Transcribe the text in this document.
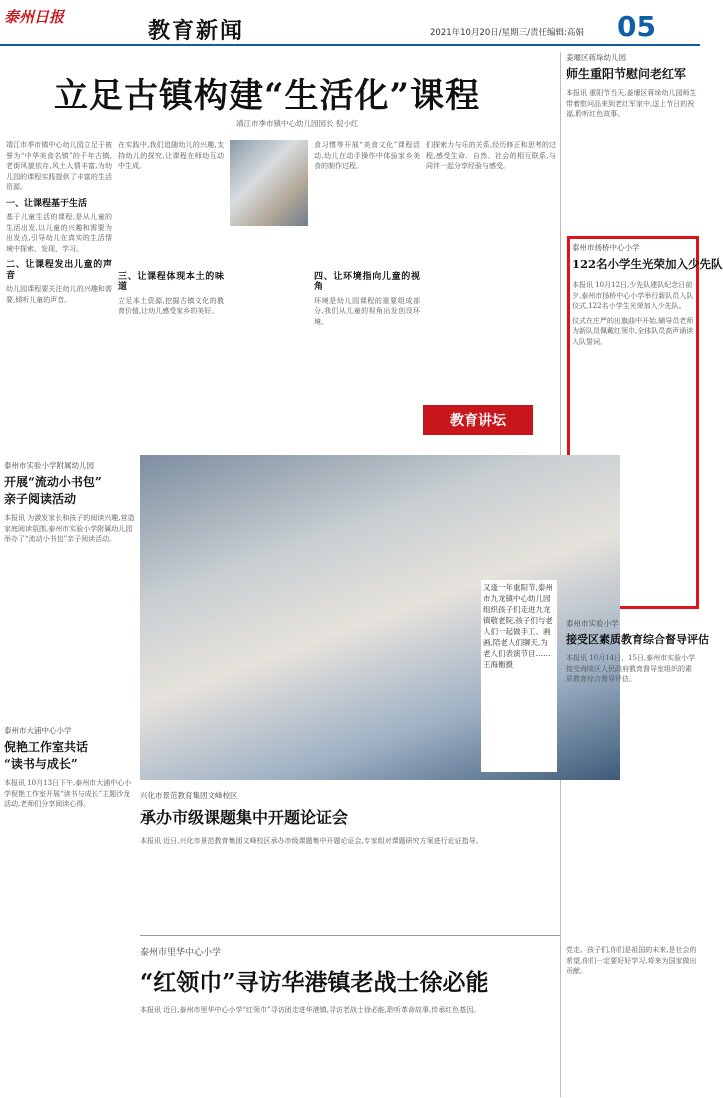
泰州日报
教育新闻	2021年10月20日/星期三/责任编辑:高娟 05
立足古镇构建“生活化”课程
靖江市季市镇中心幼儿园园长 倪小红
靖江市季市镇中心幼儿园立足于被誉为“中华美食名镇”的千年古镇,老街风貌依存,风土人情丰富,为幼儿园的课程实践提供了丰富的生活资源。
一、让课程基于生活
基于儿童生活的课程,是从儿童的生活出发,以儿童的兴趣和需要为出发点,引导幼儿在真实的生活情境中探索、发现、学习。
二、让课程发出儿童的声音
幼儿园课程要关注幼儿的兴趣和需要,倾听儿童的声音。
在实践中,我们追随幼儿的兴趣,支持幼儿的探究,让课程在师幼互动中生成。
三、让课程体现本土的味道
立足本土资源,挖掘古镇文化的教育价值,让幼儿感受家乡的美好。
食习惯等开展“美食文化”课程活动,幼儿在动手操作中体验家乡美食的制作过程。
四、让环境指向儿童的视角
环境是幼儿园课程的重要组成部分,我们从儿童的视角出发创设环境。
们探索力与乐的关系,经历修正和思考的过程,感受生命、自然、社会的相互联系,与同伴一起分享经验与感受。
教育讲坛
姜堰区蒋垛幼儿园
师生重阳节慰问老红军
本报讯 重阳节当天,姜堰区蒋垛幼儿园师生带着慰问品来到老红军家中,送上节日的祝福,聆听红色故事。
泰州市扬桥中心小学
122名小学生光荣加入少先队
本报讯 10月12日,少先队建队纪念日前夕,泰州市扬桥中心小学举行新队员入队仪式,122名小学生光荣加入少先队。
仪式在庄严的出旗曲中开始,辅导员老师为新队员佩戴红领巾,全体队员高声诵读入队誓词。
泰州市实验小学附属幼儿园
开展“流动小书包”
亲子阅读活动
本报讯 为激发家长和孩子的阅读兴趣,营造家庭阅读氛围,泰州市实验小学附属幼儿园举办了“流动小书包”亲子阅读活动。
又逢一年重阳节,泰州市九龙镇中心幼儿园组织孩子们走进九龙镇敬老院,孩子们与老人们一起做手工、画画,陪老人们聊天,为老人们表演节目……王海衡摄
泰州市实验小学
接受区素质教育综合督导评估
本报讯 10月14日、15日,泰州市实验小学接受海陵区人民政府教育督导室组织的素质教育综合督导评估。
兴化市景范教育集团文峰校区
承办市级课题集中开题论证会
本报讯 近日,兴化市景范教育集团文峰校区承办市级课题集中开题论证会,专家组对课题研究方案进行论证指导。
泰州市大浦中心小学
倪艳工作室共话
“读书与成长”
本报讯 10月13日下午,泰州市大浦中心小学倪艳工作室开展“读书与成长”主题沙龙活动,老师们分享阅读心得。
泰州市里华中心小学
“红领巾”寻访华港镇老战士徐必能
本报讯 近日,泰州市里华中心小学“红领巾”寻访团走进华港镇,寻访老战士徐必能,聆听革命故事,传承红色基因。
党走。孩子们,你们是祖国的未来,是社会的希望,你们一定要好好学习,将来为国家做出贡献。
